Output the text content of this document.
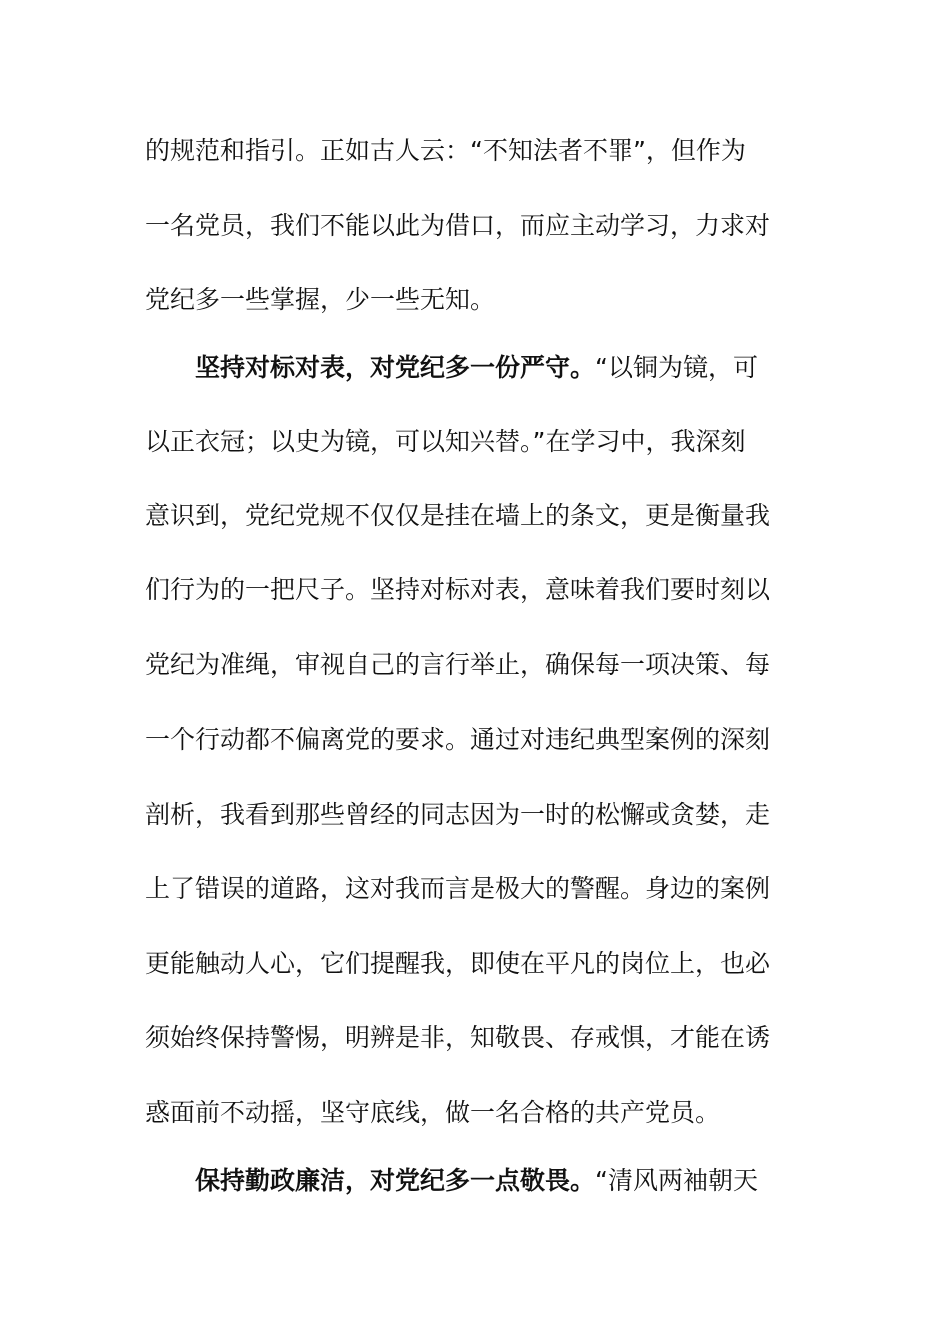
的规范和指引。正如古人云：“不知法者不罪”，但作为
一名党员，我们不能以此为借口，而应主动学习，力求对
党纪多一些掌握，少一些无知。
坚持对标对表，对党纪多一份严守。“以铜为镜，可
以正衣冠；以史为镜，可以知兴替。”在学习中，我深刻
意识到，党纪党规不仅仅是挂在墙上的条文，更是衡量我
们行为的一把尺子。坚持对标对表，意味着我们要时刻以
党纪为准绳，审视自己的言行举止，确保每一项决策、每
一个行动都不偏离党的要求。通过对违纪典型案例的深刻
剖析，我看到那些曾经的同志因为一时的松懈或贪婪，走
上了错误的道路，这对我而言是极大的警醒。身边的案例
更能触动人心，它们提醒我，即使在平凡的岗位上，也必
须始终保持警惕，明辨是非，知敬畏、存戒惧，才能在诱
惑面前不动摇，坚守底线，做一名合格的共产党员。
保持勤政廉洁，对党纪多一点敬畏。“清风两袖朝天
